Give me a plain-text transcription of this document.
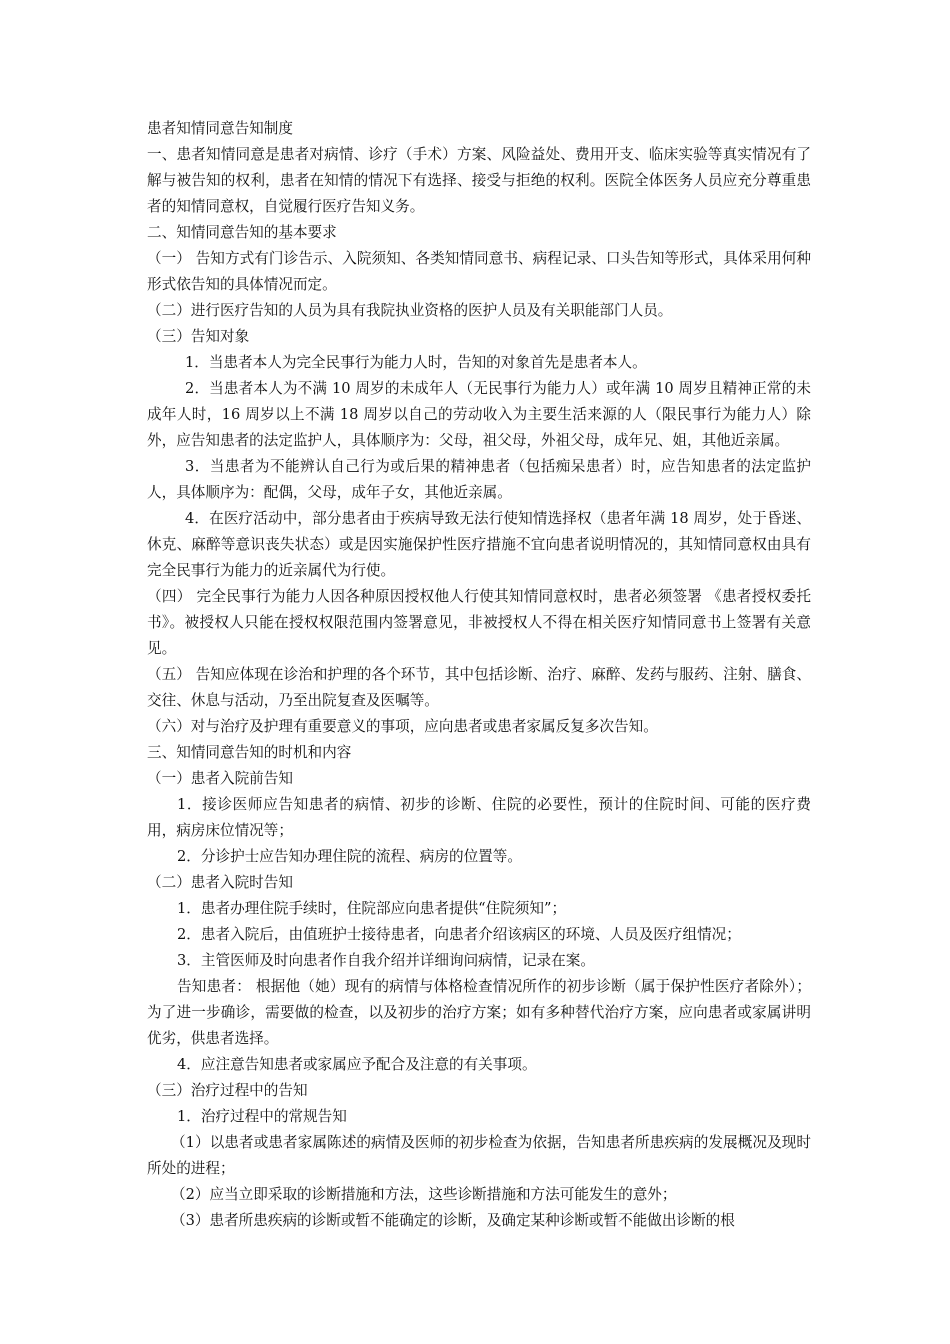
患者知情同意告知制度

一、患者知情同意是患者对病情、诊疗（手术）方案、风险益处、费用开支、临床实验等真实情况有了解与被告知的权利，患者在知情的情况下有选择、接受与拒绝的权利。医院全体医务人员应充分尊重患者的知情同意权，自觉履行医疗告知义务。

二、知情同意告知的基本要求

（一） 告知方式有门诊告示、入院须知、各类知情同意书、病程记录、口头告知等形式，具体采用何种形式依告知的具体情况而定。

（二）进行医疗告知的人员为具有我院执业资格的医护人员及有关职能部门人员。

（三）告知对象

1．当患者本人为完全民事行为能力人时，告知的对象首先是患者本人。

2．当患者本人为不满 10 周岁的未成年人（无民事行为能力人）或年满 10 周岁且精神正常的未成年人时，16 周岁以上不满 18 周岁以自己的劳动收入为主要生活来源的人（限民事行为能力人）除外，应告知患者的法定监护人，具体顺序为：父母，祖父母，外祖父母，成年兄、姐，其他近亲属。

3．当患者为不能辨认自己行为或后果的精神患者（包括痴呆患者）时，应告知患者的法定监护人，具体顺序为：配偶，父母，成年子女，其他近亲属。

4．在医疗活动中，部分患者由于疾病导致无法行使知情选择权（患者年满 18 周岁，处于昏迷、休克、麻醉等意识丧失状态）或是因实施保护性医疗措施不宜向患者说明情况的，其知情同意权由具有完全民事行为能力的近亲属代为行使。

（四） 完全民事行为能力人因各种原因授权他人行使其知情同意权时，患者必须签署 《患者授权委托书》。被授权人只能在授权权限范围内签署意见，非被授权人不得在相关医疗知情同意书上签署有关意见。

（五） 告知应体现在诊治和护理的各个环节，其中包括诊断、治疗、麻醉、发药与服药、注射、膳食、交往、休息与活动，乃至出院复查及医嘱等。

（六）对与治疗及护理有重要意义的事项，应向患者或患者家属反复多次告知。

三、知情同意告知的时机和内容

（一）患者入院前告知

1．接诊医师应告知患者的病情、初步的诊断、住院的必要性，预计的住院时间、可能的医疗费用，病房床位情况等；

2．分诊护士应告知办理住院的流程、病房的位置等。

（二）患者入院时告知

1．患者办理住院手续时，住院部应向患者提供“住院须知”；

2．患者入院后，由值班护士接待患者，向患者介绍该病区的环境、人员及医疗组情况；

3．主管医师及时向患者作自我介绍并详细询问病情，记录在案。

告知患者： 根据他（她）现有的病情与体格检查情况所作的初步诊断（属于保护性医疗者除外）；为了进一步确诊，需要做的检查，以及初步的治疗方案；如有多种替代治疗方案，应向患者或家属讲明优劣，供患者选择。

4．应注意告知患者或家属应予配合及注意的有关事项。

（三）治疗过程中的告知

1．治疗过程中的常规告知

（1）以患者或患者家属陈述的病情及医师的初步检查为依据，告知患者所患疾病的发展概况及现时所处的进程；

（2）应当立即采取的诊断措施和方法，这些诊断措施和方法可能发生的意外；

（3）患者所患疾病的诊断或暂不能确定的诊断，及确定某种诊断或暂不能做出诊断的根
